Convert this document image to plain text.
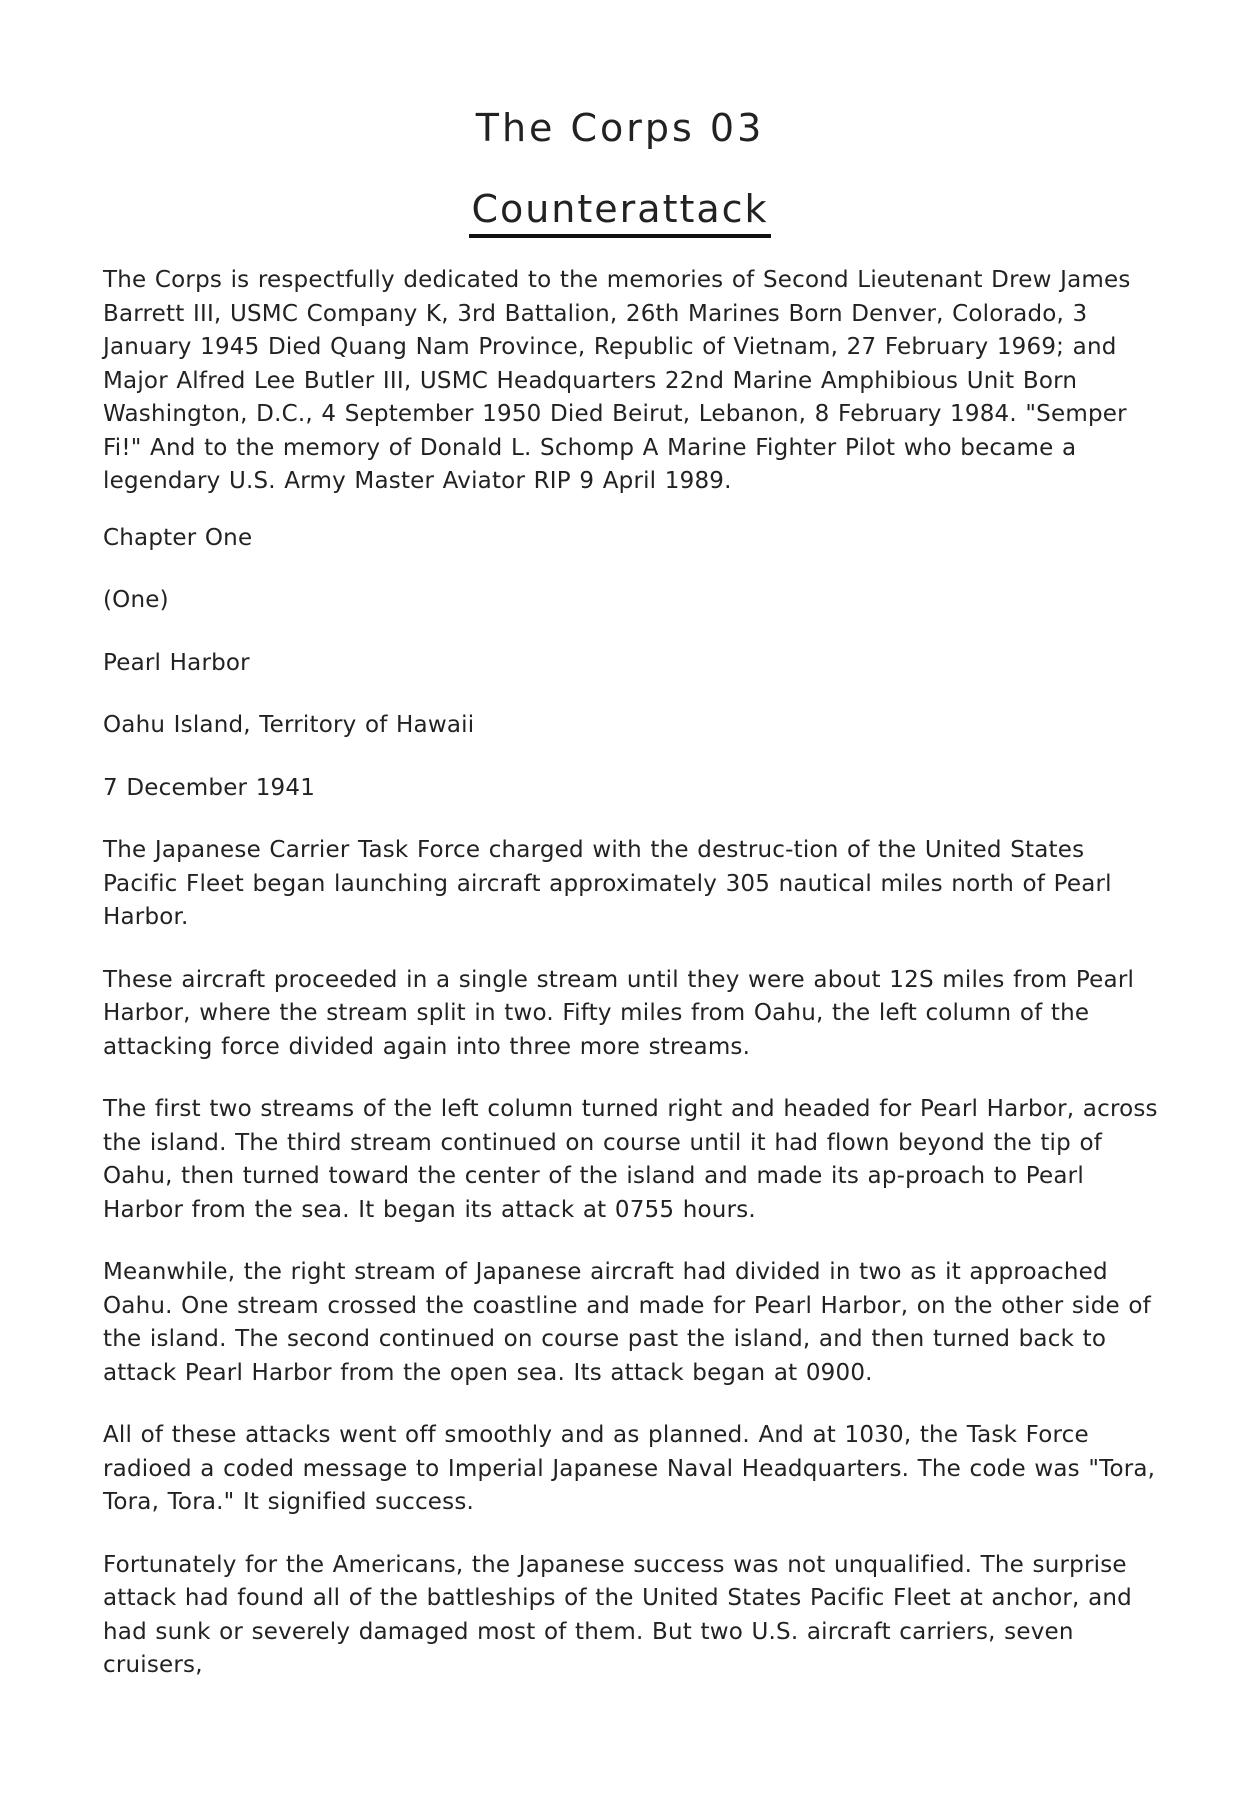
The Corps 03
Counterattack

The Corps is respectfully dedicated to the memories of Second Lieutenant Drew James Barrett III, USMC Company K, 3rd Battalion, 26th Marines Born Denver, Colorado, 3 January 1945 Died Quang Nam Province, Republic of Vietnam, 27 February 1969; and Major Alfred Lee Butler III, USMC Headquarters 22nd Marine Amphibious Unit Born Washington, D.C., 4 September 1950 Died Beirut, Lebanon, 8 February 1984. "Semper Fi!" And to the memory of Donald L. Schomp A Marine Fighter Pilot who became a legendary U.S. Army Master Aviator RIP 9 April 1989.

Chapter One

(One)

Pearl Harbor

Oahu Island, Territory of Hawaii

7 December 1941

The Japanese Carrier Task Force charged with the destruc-tion of the United States Pacific Fleet began launching aircraft approximately 305 nautical miles north of Pearl Harbor.

These aircraft proceeded in a single stream until they were about 12S miles from Pearl Harbor, where the stream split in two. Fifty miles from Oahu, the left column of the attacking force divided again into three more streams.

The first two streams of the left column turned right and headed for Pearl Harbor, across the island. The third stream continued on course until it had flown beyond the tip of Oahu, then turned toward the center of the island and made its ap-proach to Pearl Harbor from the sea. It began its attack at 0755 hours.

Meanwhile, the right stream of Japanese aircraft had divided in two as it approached Oahu. One stream crossed the coastline and made for Pearl Harbor, on the other side of the island. The second continued on course past the island, and then turned back to attack Pearl Harbor from the open sea. Its attack began at 0900.

All of these attacks went off smoothly and as planned. And at 1030, the Task Force radioed a coded message to Imperial Japanese Naval Headquarters. The code was "Tora, Tora, Tora." It signified success.

Fortunately for the Americans, the Japanese success was not unqualified. The surprise attack had found all of the battleships of the United States Pacific Fleet at anchor, and had sunk or severely damaged most of them. But two U.S. aircraft carriers, seven cruisers,
